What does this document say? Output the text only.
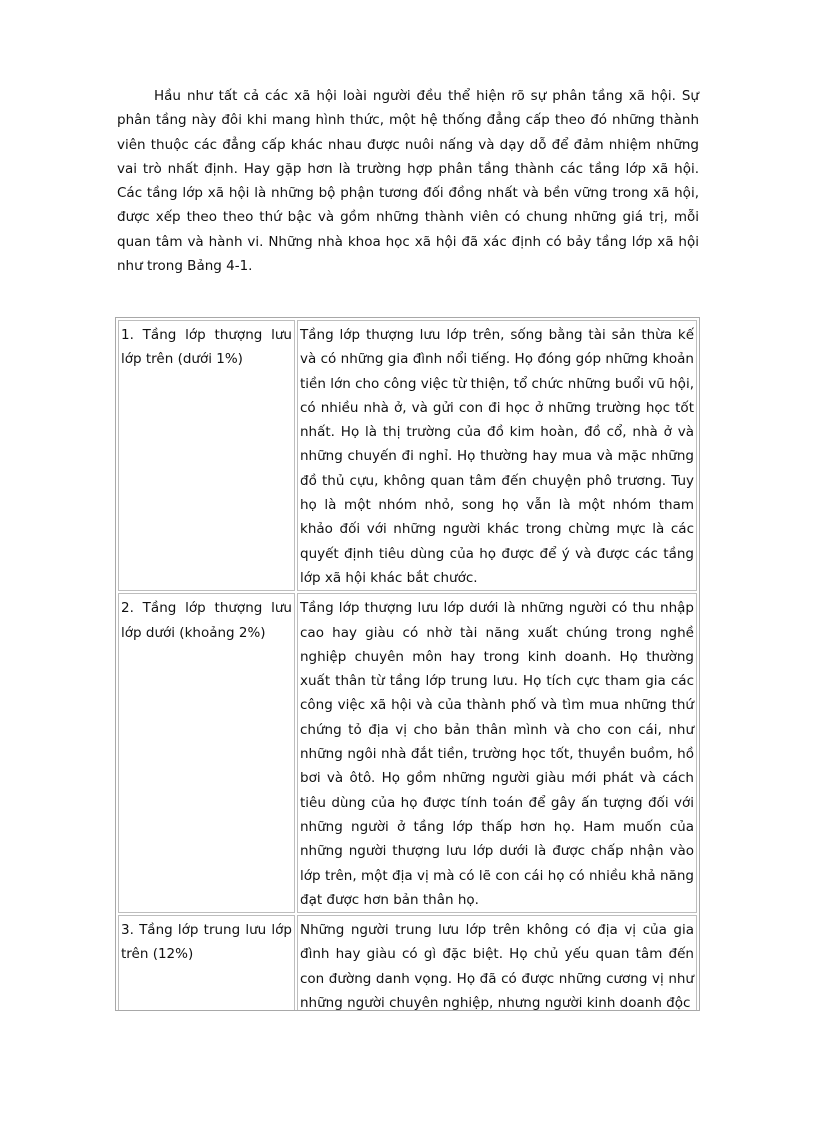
Hầu như tất cả các xã hội loài người đều thể hiện rõ sự phân tầng xã hội. Sự phân tầng này đôi khi mang hình thức, một hệ thống đẳng cấp theo đó những thành viên thuộc các đẳng cấp khác nhau được nuôi nấng và dạy dỗ để đảm nhiệm những vai trò nhất định. Hay gặp hơn là trường hợp phân tầng thành các tầng lớp xã hội. Các tầng lớp xã hội là những bộ phận tương đối đồng nhất và bền vững trong xã hội, được xếp theo theo thứ bậc và gồm những thành viên có chung những giá trị, mỗi quan tâm và hành vi. Những nhà khoa học xã hội đã xác định có bảy tầng lớp xã hội như trong Bảng 4-1.

1. Tầng lớp thượng lưu lớp trên (dưới 1%)	Tầng lớp thượng lưu lớp trên, sống bằng tài sản thừa kế và có những gia đình nổi tiếng. Họ đóng góp những khoản tiền lớn cho công việc từ thiện, tổ chức những buổi vũ hội, có nhiều nhà ở, và gửi con đi học ở những trường học tốt nhất. Họ là thị trường của đồ kim hoàn, đồ cổ, nhà ở và những chuyến đi nghỉ. Họ thường hay mua và mặc những đồ thủ cựu, không quan tâm đến chuyện phô trương. Tuy họ là một nhóm nhỏ, song họ vẫn là một nhóm tham khảo đối với những người khác trong chừng mực là các quyết định tiêu dùng của họ được để ý và được các tầng lớp xã hội khác bắt chước.

2. Tầng lớp thượng lưu lớp dưới (khoảng 2%)	Tầng lớp thượng lưu lớp dưới là những người có thu nhập cao hay giàu có nhờ tài năng xuất chúng trong nghề nghiệp chuyên môn hay trong kinh doanh. Họ thường xuất thân từ tầng lớp trung lưu. Họ tích cực tham gia các công việc xã hội và của thành phố và tìm mua những thứ chứng tỏ địa vị cho bản thân mình và cho con cái, như những ngôi nhà đắt tiền, trường học tốt, thuyền buồm, hồ bơi và ôtô. Họ gồm những người giàu mới phát và cách tiêu dùng của họ được tính toán để gây ấn tượng đối với những người ở tầng lớp thấp hơn họ. Ham muốn của những người thượng lưu lớp dưới là được chấp nhận vào lớp trên, một địa vị mà có lẽ con cái họ có nhiều khả năng đạt được hơn bản thân họ.

3. Tầng lớp trung lưu lớp trên (12%)	Những người trung lưu lớp trên không có địa vị của gia đình hay giàu có gì đặc biệt. Họ chủ yếu quan tâm đến con đường danh vọng. Họ đã có được những cương vị như những người chuyên nghiệp, nhưng người kinh doanh độc
